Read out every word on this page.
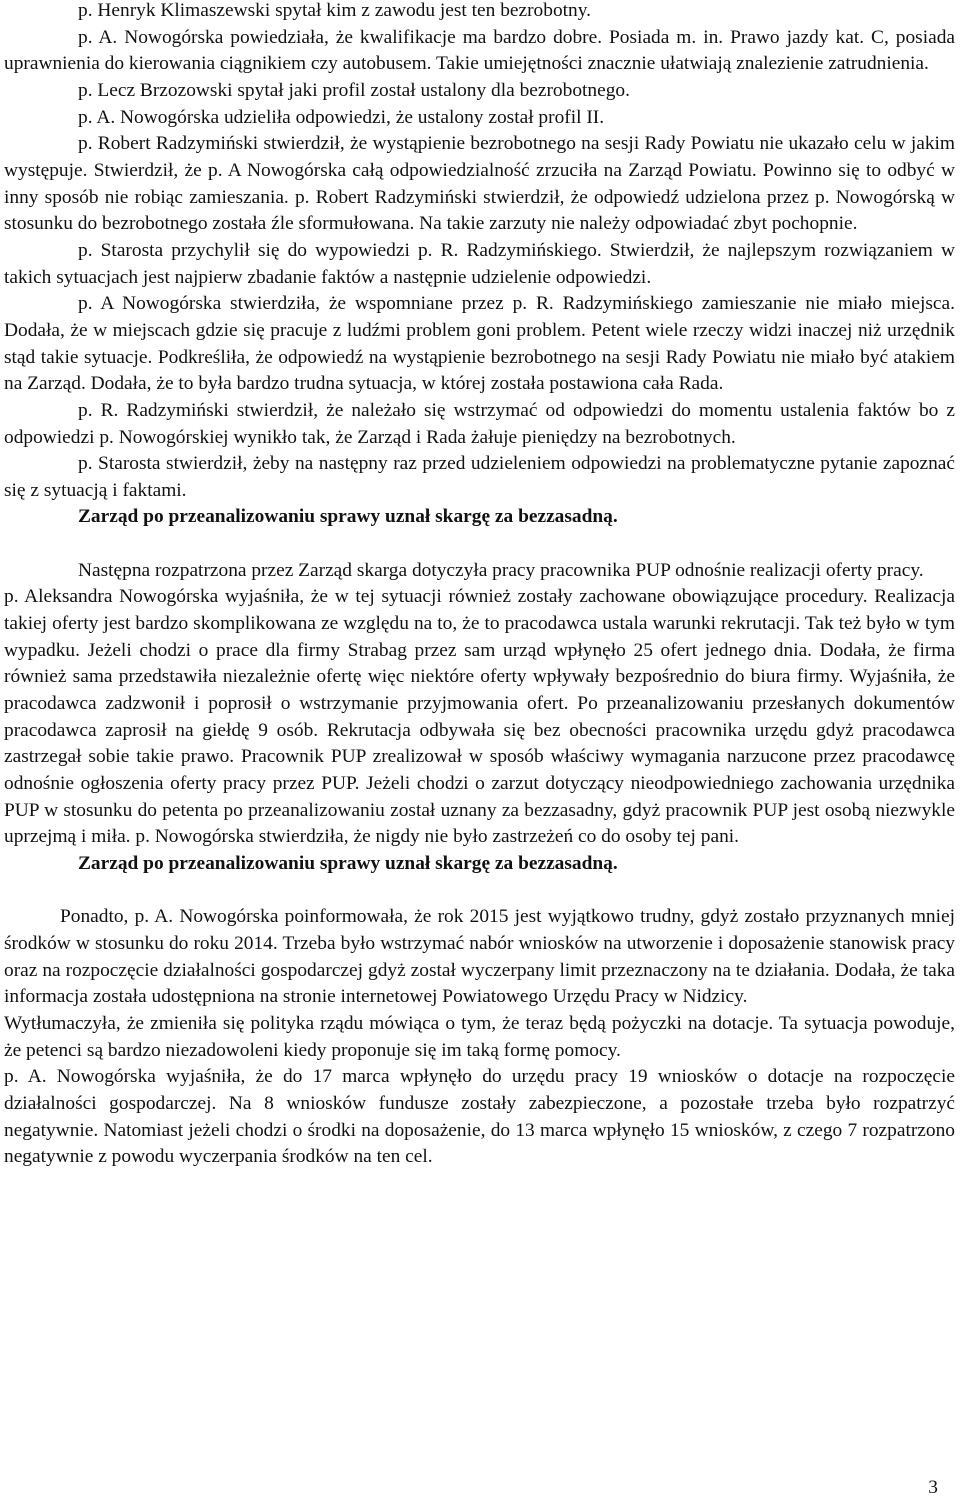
p. Henryk Klimaszewski spytał kim z zawodu jest ten bezrobotny.

p. A. Nowogórska powiedziała, że kwalifikacje ma bardzo dobre. Posiada m. in. Prawo jazdy kat. C, posiada uprawnienia do kierowania ciągnikiem czy autobusem. Takie umiejętności znacznie ułatwiają znalezienie zatrudnienia.

p. Lecz Brzozowski spytał jaki profil został ustalony dla bezrobotnego.

p. A. Nowogórska udzieliła odpowiedzi, że ustalony został profil II.

p. Robert Radzymiński stwierdził, że wystąpienie bezrobotnego na sesji Rady Powiatu nie ukazało celu w jakim występuje. Stwierdził, że p. A Nowogórska całą odpowiedzialność zrzuciła na Zarząd Powiatu. Powinno się to odbyć w inny sposób nie robiąc zamieszania. p. Robert Radzymiński stwierdził, że odpowiedź udzielona przez p. Nowogórską w stosunku do bezrobotnego została źle sformułowana. Na takie zarzuty nie należy odpowiadać zbyt pochopnie.

p. Starosta przychylił się do wypowiedzi p. R. Radzymińskiego. Stwierdził, że najlepszym rozwiązaniem w takich sytuacjach jest najpierw zbadanie faktów a następnie udzielenie odpowiedzi.

p. A Nowogórska stwierdziła, że wspomniane przez p. R. Radzymińskiego zamieszanie nie miało miejsca. Dodała, że w miejscach gdzie się pracuje z ludźmi problem goni problem. Petent wiele rzeczy widzi inaczej niż urzędnik stąd takie sytuacje. Podkreśliła, że odpowiedź na wystąpienie bezrobotnego na sesji Rady Powiatu nie miało być atakiem na Zarząd. Dodała, że to była bardzo trudna sytuacja, w której została postawiona cała Rada.

p. R. Radzymiński stwierdził, że należało się wstrzymać od odpowiedzi do momentu ustalenia faktów bo z odpowiedzi p. Nowogórskiej wynikło tak, że Zarząd i Rada żałuje pieniędzy na bezrobotnych.

p. Starosta stwierdził, żeby na następny raz przed udzieleniem odpowiedzi na problematyczne pytanie zapoznać się z sytuacją i faktami.

Zarząd po przeanalizowaniu sprawy uznał skargę za bezzasadną.

Następna rozpatrzona przez Zarząd skarga dotyczyła pracy pracownika PUP odnośnie realizacji oferty pracy.

p. Aleksandra Nowogórska wyjaśniła, że w tej sytuacji również zostały zachowane obowiązujące procedury. Realizacja takiej oferty jest bardzo skomplikowana ze względu na to, że to pracodawca ustala warunki rekrutacji. Tak też było w tym wypadku. Jeżeli chodzi o prace dla firmy Strabag przez sam urząd wpłynęło 25 ofert jednego dnia. Dodała, że firma również sama przedstawiła niezależnie ofertę więc niektóre oferty wpływały bezpośrednio do biura firmy. Wyjaśniła, że pracodawca zadzwonił i poprosił o wstrzymanie przyjmowania ofert. Po przeanalizowaniu przesłanych dokumentów pracodawca zaprosił na giełdę 9 osób. Rekrutacja odbywała się bez obecności pracownika urzędu gdyż pracodawca zastrzegał sobie takie prawo. Pracownik PUP zrealizował w sposób właściwy wymagania narzucone przez pracodawcę odnośnie ogłoszenia oferty pracy przez PUP. Jeżeli chodzi o zarzut dotyczący nieodpowiedniego zachowania urzędnika PUP w stosunku do petenta po przeanalizowaniu został uznany za bezzasadny, gdyż pracownik PUP jest osobą niezwykle uprzejmą i miła. p. Nowogórska stwierdziła, że nigdy nie było zastrzeżeń co do osoby tej pani.

Zarząd po przeanalizowaniu sprawy uznał skargę za bezzasadną.

Ponadto, p. A. Nowogórska poinformowała, że rok 2015 jest wyjątkowo trudny, gdyż zostało przyznanych mniej środków w stosunku do roku 2014. Trzeba było wstrzymać nabór wniosków na utworzenie i doposażenie stanowisk pracy oraz na rozpoczęcie działalności gospodarczej gdyż został wyczerpany limit przeznaczony na te działania. Dodała, że taka informacja została udostępniona na stronie internetowej Powiatowego Urzędu Pracy w Nidzicy.

Wytłumaczyła, że zmieniła się polityka rządu mówiąca o tym, że teraz będą pożyczki na dotacje. Ta sytuacja powoduje, że petenci są bardzo niezadowoleni kiedy proponuje się im taką formę pomocy.

p. A. Nowogórska wyjaśniła, że do 17 marca wpłynęło do urzędu pracy 19 wniosków o dotacje na rozpoczęcie działalności gospodarczej. Na 8 wniosków fundusze zostały zabezpieczone, a pozostałe trzeba było rozpatrzyć negatywnie. Natomiast jeżeli chodzi o środki na doposażenie, do 13 marca wpłynęło 15 wniosków, z czego 7 rozpatrzono negatywnie z powodu wyczerpania środków na ten cel.

3
